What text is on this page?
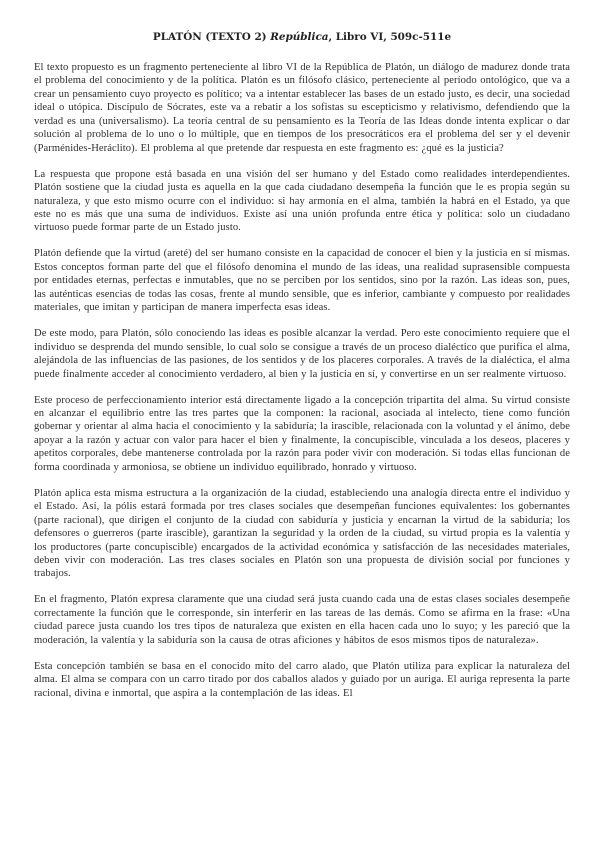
PLATÓN (TEXTO 2) República, Libro VI, 509c-511e

El texto propuesto es un fragmento perteneciente al libro VI de la República de Platón, un diálogo de madurez donde trata el problema del conocimiento y de la política. Platón es un filósofo clásico, perteneciente al período ontológico, que va a crear un pensamiento cuyo proyecto es político; va a intentar establecer las bases de un estado justo, es decir, una sociedad ideal o utópica. Discípulo de Sócrates, este va a rebatir a los sofistas su escepticismo y relativismo, defendiendo que la verdad es una (universalismo). La teoría central de su pensamiento es la Teoría de las Ideas donde intenta explicar o dar solución al problema de lo uno o lo múltiple, que en tiempos de los presocráticos era el problema del ser y el devenir (Parménides-Heráclito). El problema al que pretende dar respuesta en este fragmento es: ¿qué es la justicia?

La respuesta que propone está basada en una visión del ser humano y del Estado como realidades interdependientes. Platón sostiene que la ciudad justa es aquella en la que cada ciudadano desempeña la función que le es propia según su naturaleza, y que esto mismo ocurre con el individuo: si hay armonía en el alma, también la habrá en el Estado, ya que este no es más que una suma de individuos. Existe así una unión profunda entre ética y política: solo un ciudadano virtuoso puede formar parte de un Estado justo.

Platón defiende que la virtud (areté) del ser humano consiste en la capacidad de conocer el bien y la justicia en sí mismas. Estos conceptos forman parte del que el filósofo denomina el mundo de las ideas, una realidad suprasensible compuesta por entidades eternas, perfectas e inmutables, que no se perciben por los sentidos, sino por la razón. Las ideas son, pues, las auténticas esencias de todas las cosas, frente al mundo sensible, que es inferior, cambiante y compuesto por realidades materiales, que imitan y participan de manera imperfecta esas ideas.

De este modo, para Platón, sólo conociendo las ideas es posible alcanzar la verdad. Pero este conocimiento requiere que el individuo se desprenda del mundo sensible, lo cual solo se consigue a través de un proceso dialéctico que purifica el alma, alejándola de las influencias de las pasiones, de los sentidos y de los placeres corporales. A través de la dialéctica, el alma puede finalmente acceder al conocimiento verdadero, al bien y la justicia en sí, y convertirse en un ser realmente virtuoso.

Este proceso de perfeccionamiento interior está directamente ligado a la concepción tripartita del alma. Su virtud consiste en alcanzar el equilibrio entre las tres partes que la componen: la racional, asociada al intelecto, tiene como función gobernar y orientar al alma hacia el conocimiento y la sabiduría; la irascible, relacionada con la voluntad y el ánimo, debe apoyar a la razón y actuar con valor para hacer el bien y finalmente, la concupiscible, vinculada a los deseos, placeres y apetitos corporales, debe mantenerse controlada por la razón para poder vivir con moderación. Si todas ellas funcionan de forma coordinada y armoniosa, se obtiene un individuo equilibrado, honrado y virtuoso.

Platón aplica esta misma estructura a la organización de la ciudad, estableciendo una analogía directa entre el individuo y el Estado. Así, la pólis estará formada por tres clases sociales que desempeñan funciones equivalentes: los gobernantes (parte racional), que dirigen el conjunto de la ciudad con sabiduría y justicia y encarnan la virtud de la sabiduría; los defensores o guerreros (parte irascible), garantizan la seguridad y la orden de la ciudad, su virtud propia es la valentía y los productores (parte concupiscible) encargados de la actividad económica y satisfacción de las necesidades materiales, deben vivir con moderación. Las tres clases sociales en Platón son una propuesta de división social por funciones y trabajos.

En el fragmento, Platón expresa claramente que una ciudad será justa cuando cada una de estas clases sociales desempeñe correctamente la función que le corresponde, sin interferir en las tareas de las demás. Como se afirma en la frase: «Una ciudad parece justa cuando los tres tipos de naturaleza que existen en ella hacen cada uno lo suyo; y les pareció que la moderación, la valentía y la sabiduría son la causa de otras aficiones y hábitos de esos mismos tipos de naturaleza».

Esta concepción también se basa en el conocido mito del carro alado, que Platón utiliza para explicar la naturaleza del alma. El alma se compara con un carro tirado por dos caballos alados y guiado por un auriga. El auriga representa la parte racional, divina e inmortal, que aspira a la contemplación de las ideas. El
